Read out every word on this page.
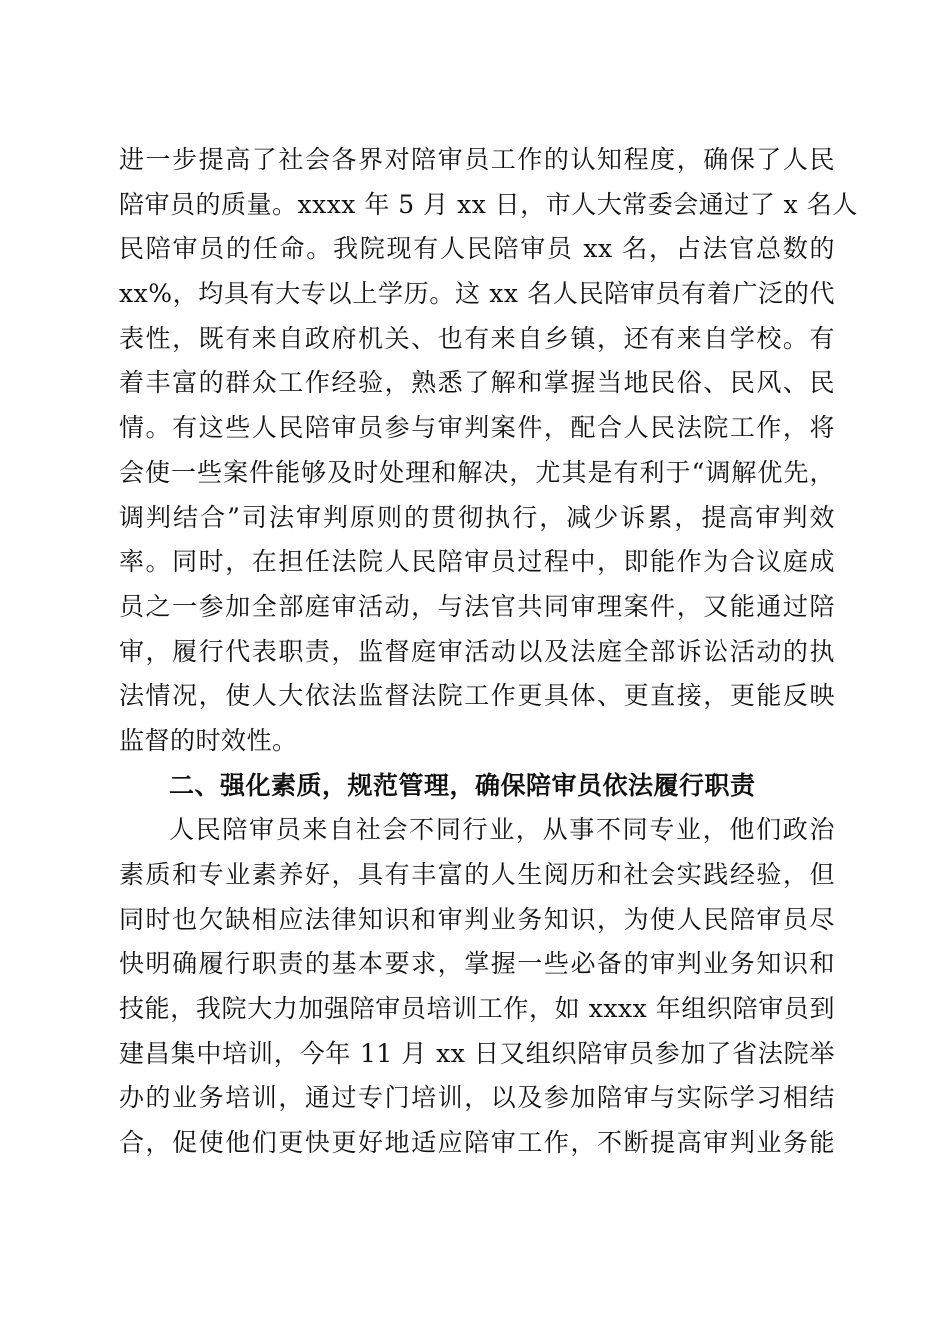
进一步提高了社会各界对陪审员工作的认知程度，确保了人民
陪审员的质量。xxxx 年 5 月 xx 日，市人大常委会通过了 x 名人
民陪审员的任命。我院现有人民陪审员 xx 名，占法官总数的
xx%，均具有大专以上学历。这 xx 名人民陪审员有着广泛的代
表性，既有来自政府机关、也有来自乡镇，还有来自学校。有
着丰富的群众工作经验，熟悉了解和掌握当地民俗、民风、民
情。有这些人民陪审员参与审判案件，配合人民法院工作，将
会使一些案件能够及时处理和解决，尤其是有利于“调解优先，
调判结合”司法审判原则的贯彻执行，减少诉累，提高审判效
率。同时，在担任法院人民陪审员过程中，即能作为合议庭成
员之一参加全部庭审活动，与法官共同审理案件，又能通过陪
审，履行代表职责，监督庭审活动以及法庭全部诉讼活动的执
法情况，使人大依法监督法院工作更具体、更直接，更能反映
监督的时效性。
二、强化素质，规范管理，确保陪审员依法履行职责
人民陪审员来自社会不同行业，从事不同专业，他们政治
素质和专业素养好，具有丰富的人生阅历和社会实践经验，但
同时也欠缺相应法律知识和审判业务知识，为使人民陪审员尽
快明确履行职责的基本要求，掌握一些必备的审判业务知识和
技能，我院大力加强陪审员培训工作，如 xxxx 年组织陪审员到
建昌集中培训，今年 11 月 xx 日又组织陪审员参加了省法院举
办的业务培训，通过专门培训，以及参加陪审与实际学习相结
合，促使他们更快更好地适应陪审工作，不断提高审判业务能
